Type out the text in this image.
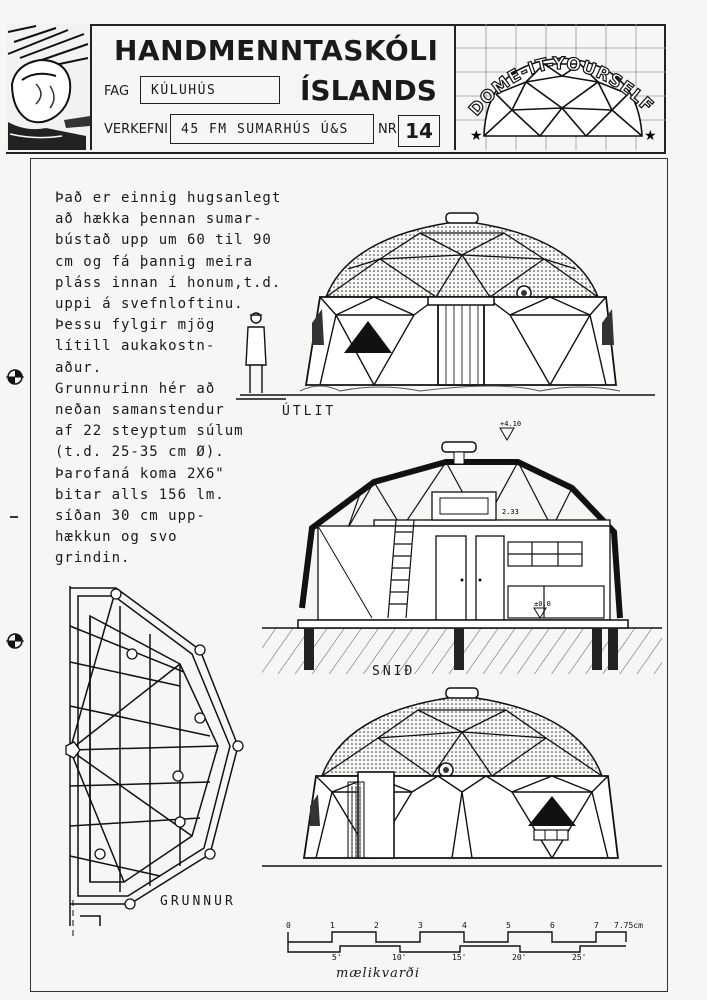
HANDMENNTASKÓLI
ÍSLANDS
FAG KÚLUHÚS
VERKEFNI 45 FM SUMARHÚS Ú&S NR 14
DOME-IT-YOURSELF
★	★
Það er einnig hugsanlegt
að hækka þennan sumar-
bústað upp um 60 til 90
cm og fá þannig meira
pláss innan í honum,t.d.
uppi á svefnloftinu.
Þessu fylgir mjög
lítill aukakostn-
aður.
Grunnurinn hér að
neðan samanstendur
af 22 steyptum súlum
(t.d. 25-35 cm Ø).
Þarofaná koma 2X6"
bitar alls 156 lm.
síðan 30 cm upp-
hækkun og svo
grindin.
ÚTLIT
+4.10
2.33
±0.0
SNIÐ
GRUNNUR
0	1	2	3	4	5	6	7 7.75cm
5'	10'	15'	20'	25'
mælikvarði
